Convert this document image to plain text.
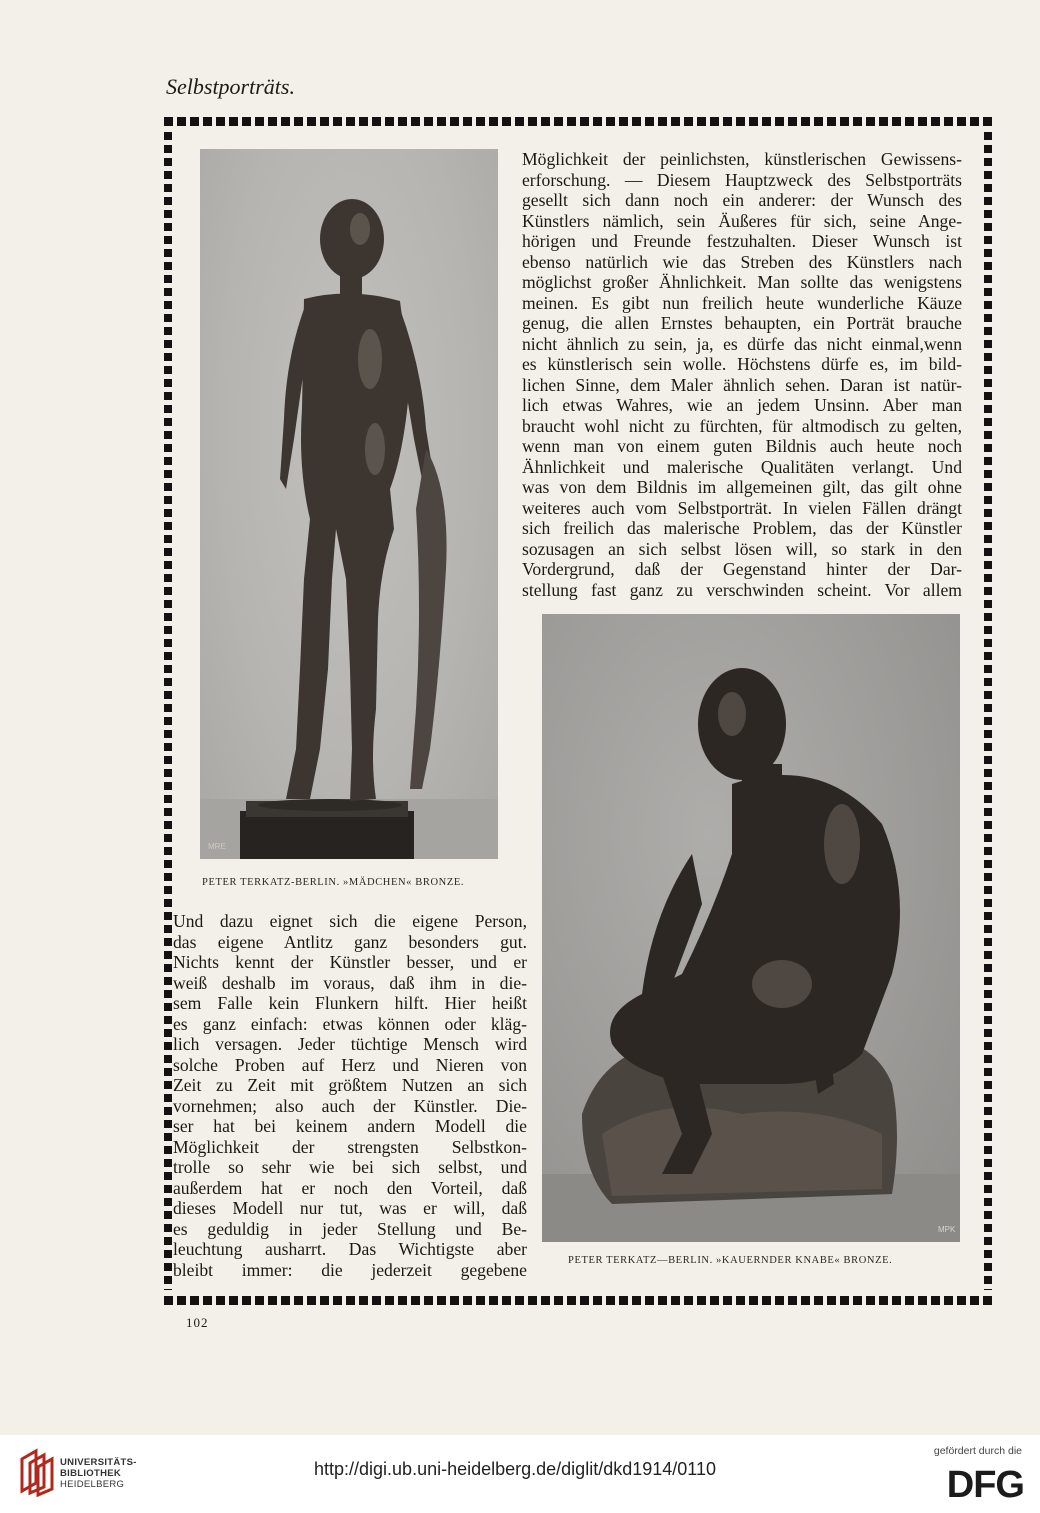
Selbstporträts.
MRE
PETER TERKATZ-BERLIN. »MÄDCHEN« BRONZE.
Möglichkeit der peinlichsten, künstlerischen Gewissens-
erforschung. — Diesem Hauptzweck des Selbstporträts
gesellt sich dann noch ein anderer: der Wunsch des
Künstlers nämlich, sein Äußeres für sich, seine Ange-
hörigen und Freunde festzuhalten. Dieser Wunsch ist
ebenso natürlich wie das Streben des Künstlers nach
möglichst großer Ähnlichkeit. Man sollte das wenigstens
meinen. Es gibt nun freilich heute wunderliche Käuze
genug, die allen Ernstes behaupten, ein Porträt brauche
nicht ähnlich zu sein, ja, es dürfe das nicht einmal,wenn
es künstlerisch sein wolle. Höchstens dürfe es, im bild-
lichen Sinne, dem Maler ähnlich sehen. Daran ist natür-
lich etwas Wahres, wie an jedem Unsinn. Aber man
braucht wohl nicht zu fürchten, für altmodisch zu gelten,
wenn man von einem guten Bildnis auch heute noch
Ähnlichkeit und malerische Qualitäten verlangt. Und
was von dem Bildnis im allgemeinen gilt, das gilt ohne
weiteres auch vom Selbstporträt. In vielen Fällen drängt
sich freilich das malerische Problem, das der Künstler
sozusagen an sich selbst lösen will, so stark in den
Vordergrund, daß der Gegenstand hinter der Dar-
stellung fast ganz zu verschwinden scheint. Vor allem
MPK
PETER TERKATZ—BERLIN. »KAUERNDER KNABE« BRONZE.
Und dazu eignet sich die eigene Person,
das eigene Antlitz ganz besonders gut.
Nichts kennt der Künstler besser, und er
weiß deshalb im voraus, daß ihm in die-
sem Falle kein Flunkern hilft. Hier heißt
es ganz einfach: etwas können oder kläg-
lich versagen. Jeder tüchtige Mensch wird
solche Proben auf Herz und Nieren von
Zeit zu Zeit mit größtem Nutzen an sich
vornehmen; also auch der Künstler. Die-
ser hat bei keinem andern Modell die
Möglichkeit der strengsten Selbstkon-
trolle so sehr wie bei sich selbst, und
außerdem hat er noch den Vorteil, daß
dieses Modell nur tut, was er will, daß
es geduldig in jeder Stellung und Be-
leuchtung ausharrt. Das Wichtigste aber
bleibt immer: die jederzeit gegebene
102
UNIVERSITÄTS-
BIBLIOTHEK
HEIDELBERG
http://digi.ub.uni-heidelberg.de/diglit/dkd1914/0110
gefördert durch die
DFG
